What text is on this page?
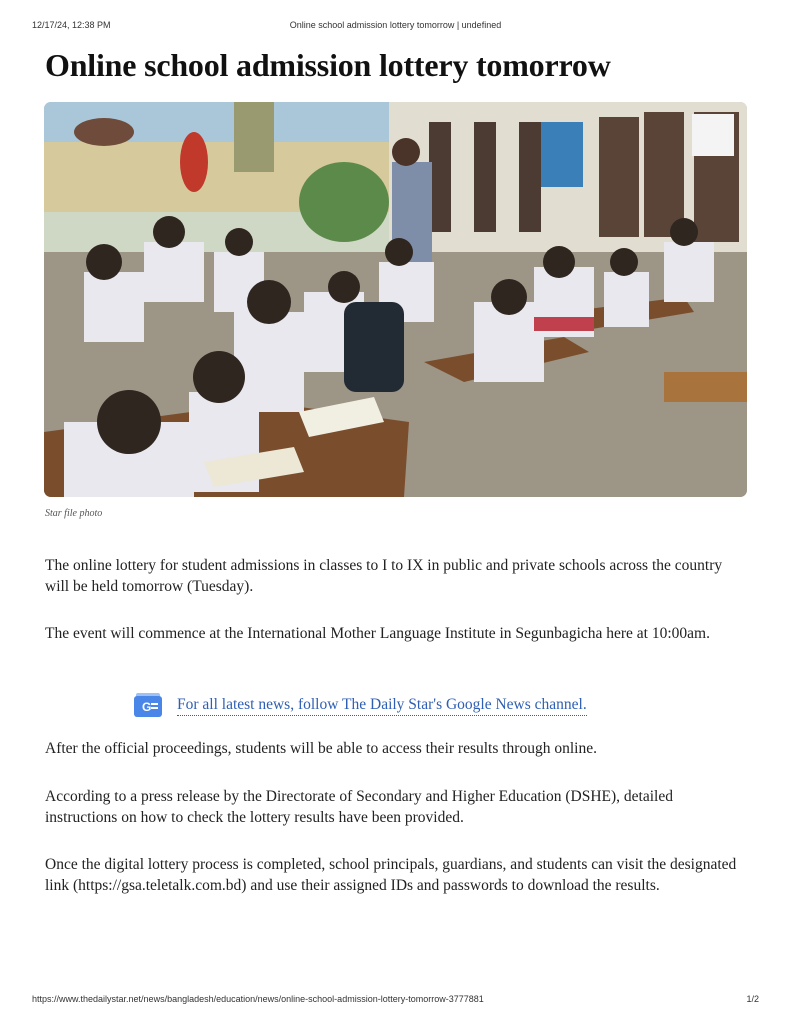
12/17/24, 12:38 PM	Online school admission lottery tomorrow | undefined
Online school admission lottery tomorrow
Star file photo

The online lottery for student admissions in classes to I to IX in public and private schools across the country will be held tomorrow (Tuesday).

The event will commence at the International Mother Language Institute in Segunbagicha here at 10:00am.

G For all latest news, follow The Daily Star's Google News channel.

After the official proceedings, students will be able to access their results through online.

According to a press release by the Directorate of Secondary and Higher Education (DSHE), detailed instructions on how to check the lottery results have been provided.

Once the digital lottery process is completed, school principals, guardians, and students can visit the designated link (https://gsa.teletalk.com.bd) and use their assigned IDs and passwords to download the results.

https://www.thedailystar.net/news/bangladesh/education/news/online-school-admission-lottery-tomorrow-3777881	1/2
